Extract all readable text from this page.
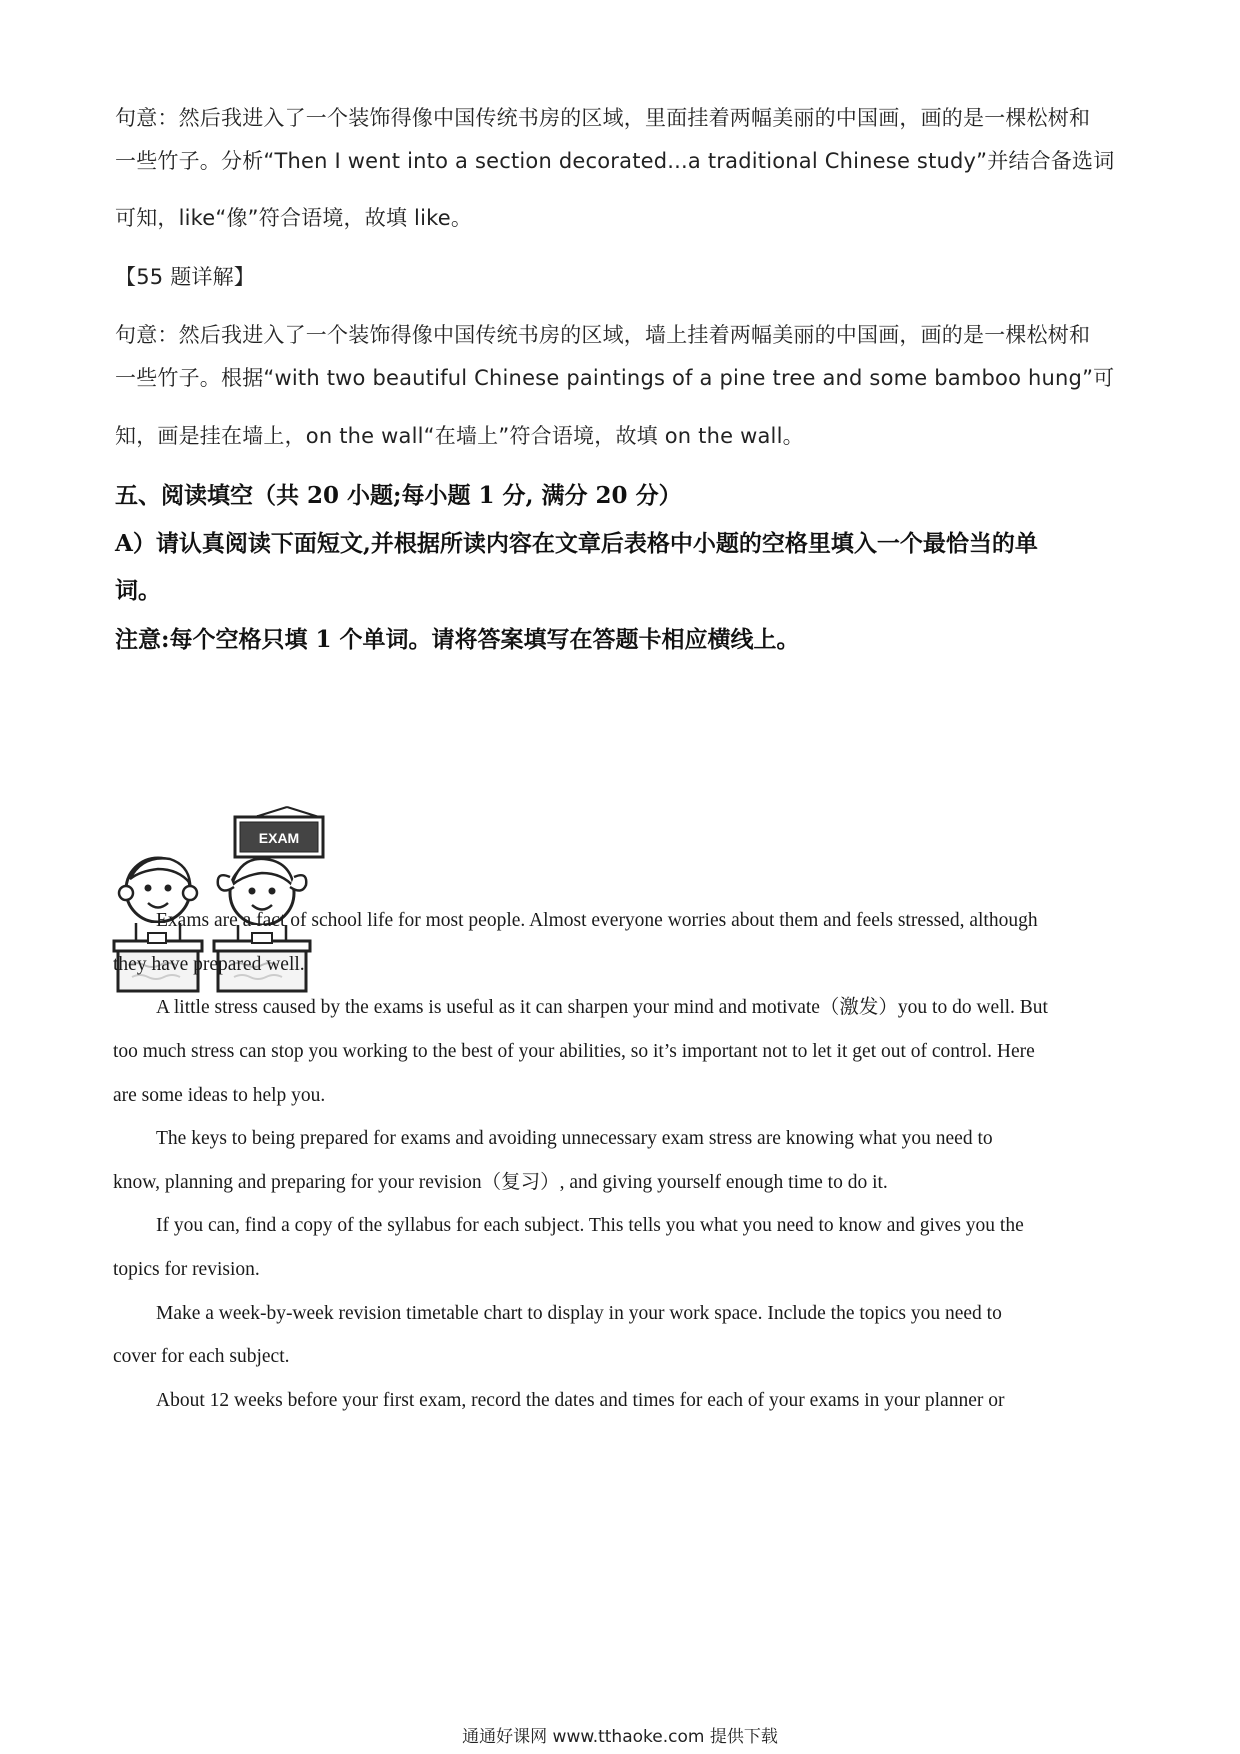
句意：然后我进入了一个装饰得像中国传统书房的区域，里面挂着两幅美丽的中国画，画的是一棵松树和
一些竹子。分析“Then I went into a section decorated...a traditional Chinese study”并结合备选词
可知，like“像”符合语境，故填 like。
【55 题详解】
句意：然后我进入了一个装饰得像中国传统书房的区域，墙上挂着两幅美丽的中国画，画的是一棵松树和
一些竹子。根据“with two beautiful Chinese paintings of a pine tree and some bamboo hung”可
知，画是挂在墙上，on the wall“在墙上”符合语境，故填 on the wall。
五、阅读填空（共 20 小题;每小题 1 分, 满分 20 分）
A）请认真阅读下面短文,并根据所读内容在文章后表格中小题的空格里填入一个最恰当的单
词。
注意:每个空格只填 1 个单词。请将答案填写在答题卡相应横线上。
EXAM
Exams are a fact of school life for most people. Almost everyone worries about them and feels stressed, although
they have prepared well.
A little stress caused by the exams is useful as it can sharpen your mind and motivate（激发）you to do well. But
too much stress can stop you working to the best of your abilities, so it’s important not to let it get out of control. Here
are some ideas to help you.
The keys to being prepared for exams and avoiding unnecessary exam stress are knowing what you need to
know, planning and preparing for your revision（复习）, and giving yourself enough time to do it.
If you can, find a copy of the syllabus for each subject. This tells you what you need to know and gives you the
topics for revision.
Make a week-by-week revision timetable chart to display in your work space. Include the topics you need to
cover for each subject.
About 12 weeks before your first exam, record the dates and times for each of your exams in your planner or
通通好课网 www.tthaoke.com 提供下载
